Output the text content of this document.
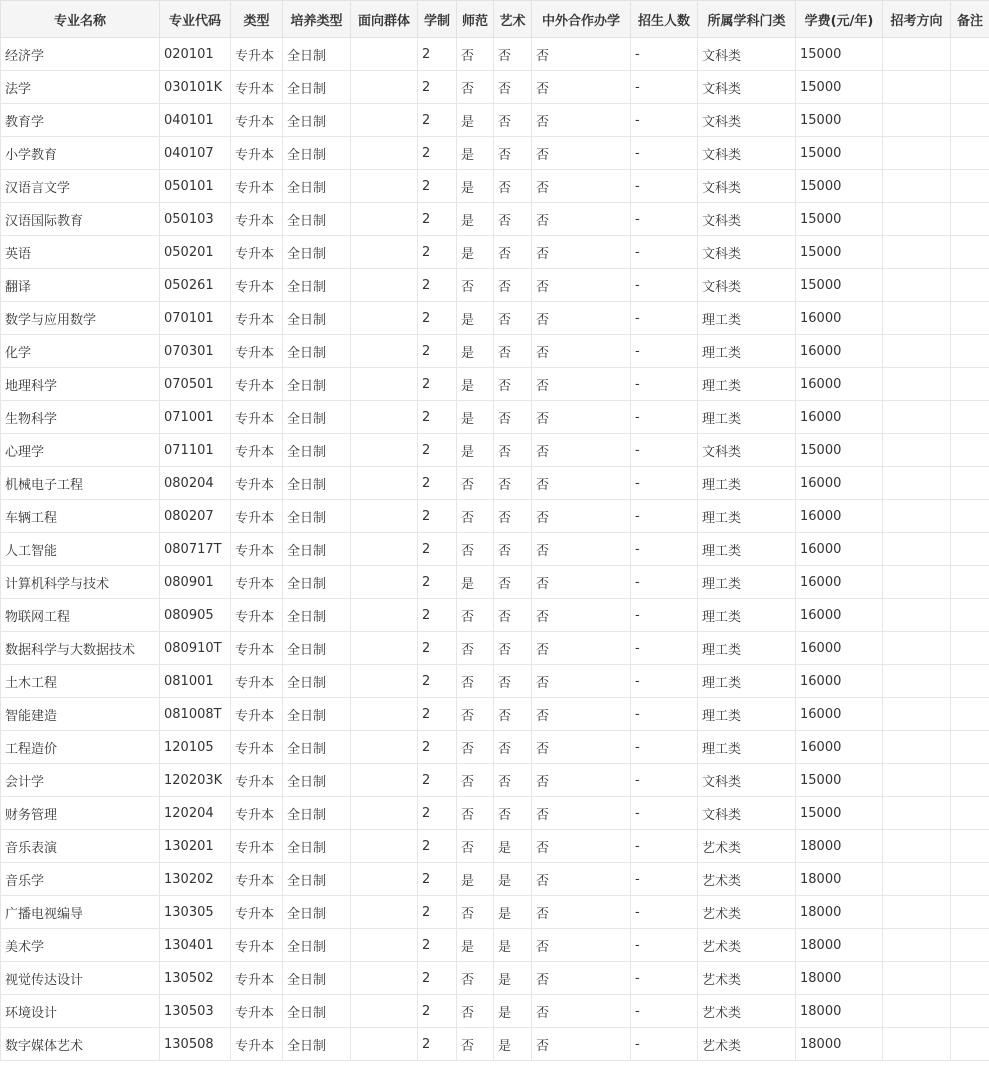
专业名称	专业代码	类型	培养类型	面向群体	学制	师范	艺术	中外合作办学	招生人数	所属学科门类	学费(元/年)	招考方向	备注
经济学	020101	专升本	全日制		2	否	否	否	-	文科类	15000		
法学	030101K	专升本	全日制		2	否	否	否	-	文科类	15000		
教育学	040101	专升本	全日制		2	是	否	否	-	文科类	15000		
小学教育	040107	专升本	全日制		2	是	否	否	-	文科类	15000		
汉语言文学	050101	专升本	全日制		2	是	否	否	-	文科类	15000		
汉语国际教育	050103	专升本	全日制		2	是	否	否	-	文科类	15000		
英语	050201	专升本	全日制		2	是	否	否	-	文科类	15000		
翻译	050261	专升本	全日制		2	否	否	否	-	文科类	15000		
数学与应用数学	070101	专升本	全日制		2	是	否	否	-	理工类	16000		
化学	070301	专升本	全日制		2	是	否	否	-	理工类	16000		
地理科学	070501	专升本	全日制		2	是	否	否	-	理工类	16000		
生物科学	071001	专升本	全日制		2	是	否	否	-	理工类	16000		
心理学	071101	专升本	全日制		2	是	否	否	-	文科类	15000		
机械电子工程	080204	专升本	全日制		2	否	否	否	-	理工类	16000		
车辆工程	080207	专升本	全日制		2	否	否	否	-	理工类	16000		
人工智能	080717T	专升本	全日制		2	否	否	否	-	理工类	16000		
计算机科学与技术	080901	专升本	全日制		2	是	否	否	-	理工类	16000		
物联网工程	080905	专升本	全日制		2	否	否	否	-	理工类	16000		
数据科学与大数据技术	080910T	专升本	全日制		2	否	否	否	-	理工类	16000		
土木工程	081001	专升本	全日制		2	否	否	否	-	理工类	16000		
智能建造	081008T	专升本	全日制		2	否	否	否	-	理工类	16000		
工程造价	120105	专升本	全日制		2	否	否	否	-	理工类	16000		
会计学	120203K	专升本	全日制		2	否	否	否	-	文科类	15000		
财务管理	120204	专升本	全日制		2	否	否	否	-	文科类	15000		
音乐表演	130201	专升本	全日制		2	否	是	否	-	艺术类	18000		
音乐学	130202	专升本	全日制		2	是	是	否	-	艺术类	18000		
广播电视编导	130305	专升本	全日制		2	否	是	否	-	艺术类	18000		
美术学	130401	专升本	全日制		2	是	是	否	-	艺术类	18000		
视觉传达设计	130502	专升本	全日制		2	否	是	否	-	艺术类	18000		
环境设计	130503	专升本	全日制		2	否	是	否	-	艺术类	18000		
数字媒体艺术	130508	专升本	全日制		2	否	是	否	-	艺术类	18000		
